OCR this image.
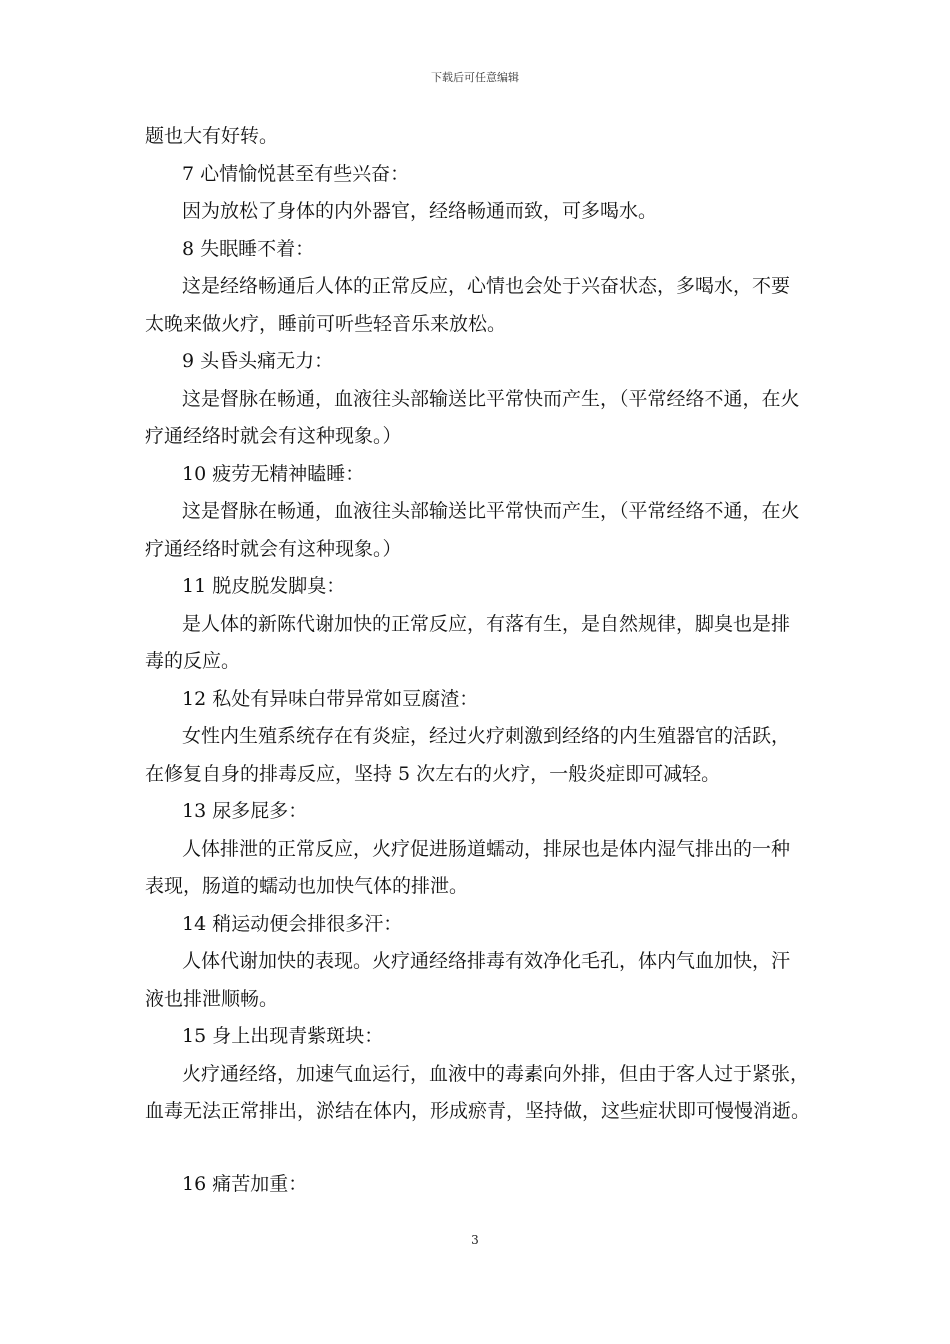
下载后可任意编辑
题也大有好转。
7 心情愉悦甚至有些兴奋：
因为放松了身体的内外器官，经络畅通而致，可多喝水。
8 失眠睡不着：
这是经络畅通后人体的正常反应，心情也会处于兴奋状态，多喝水，不要
太晚来做火疗，睡前可听些轻音乐来放松。
9 头昏头痛无力：
这是督脉在畅通，血液往头部输送比平常快而产生，（平常经络不通，在火
疗通经络时就会有这种现象。）
10 疲劳无精神瞌睡：
这是督脉在畅通，血液往头部输送比平常快而产生，（平常经络不通，在火
疗通经络时就会有这种现象。）
11 脱皮脱发脚臭：
是人体的新陈代谢加快的正常反应，有落有生，是自然规律，脚臭也是排
毒的反应。
12 私处有异味白带异常如豆腐渣：
女性内生殖系统存在有炎症，经过火疗刺激到经络的内生殖器官的活跃，
在修复自身的排毒反应，坚持 5 次左右的火疗，一般炎症即可减轻。
13 尿多屁多：
人体排泄的正常反应，火疗促进肠道蠕动，排尿也是体内湿气排出的一种
表现，肠道的蠕动也加快气体的排泄。
14 稍运动便会排很多汗：
人体代谢加快的表现。火疗通经络排毒有效净化毛孔，体内气血加快，汗
液也排泄顺畅。
15 身上出现青紫斑块：
火疗通经络，加速气血运行，血液中的毒素向外排，但由于客人过于紧张，
血毒无法正常排出，淤结在体内，形成瘀青，坚持做，这些症状即可慢慢消逝。
16 痛苦加重：
3
